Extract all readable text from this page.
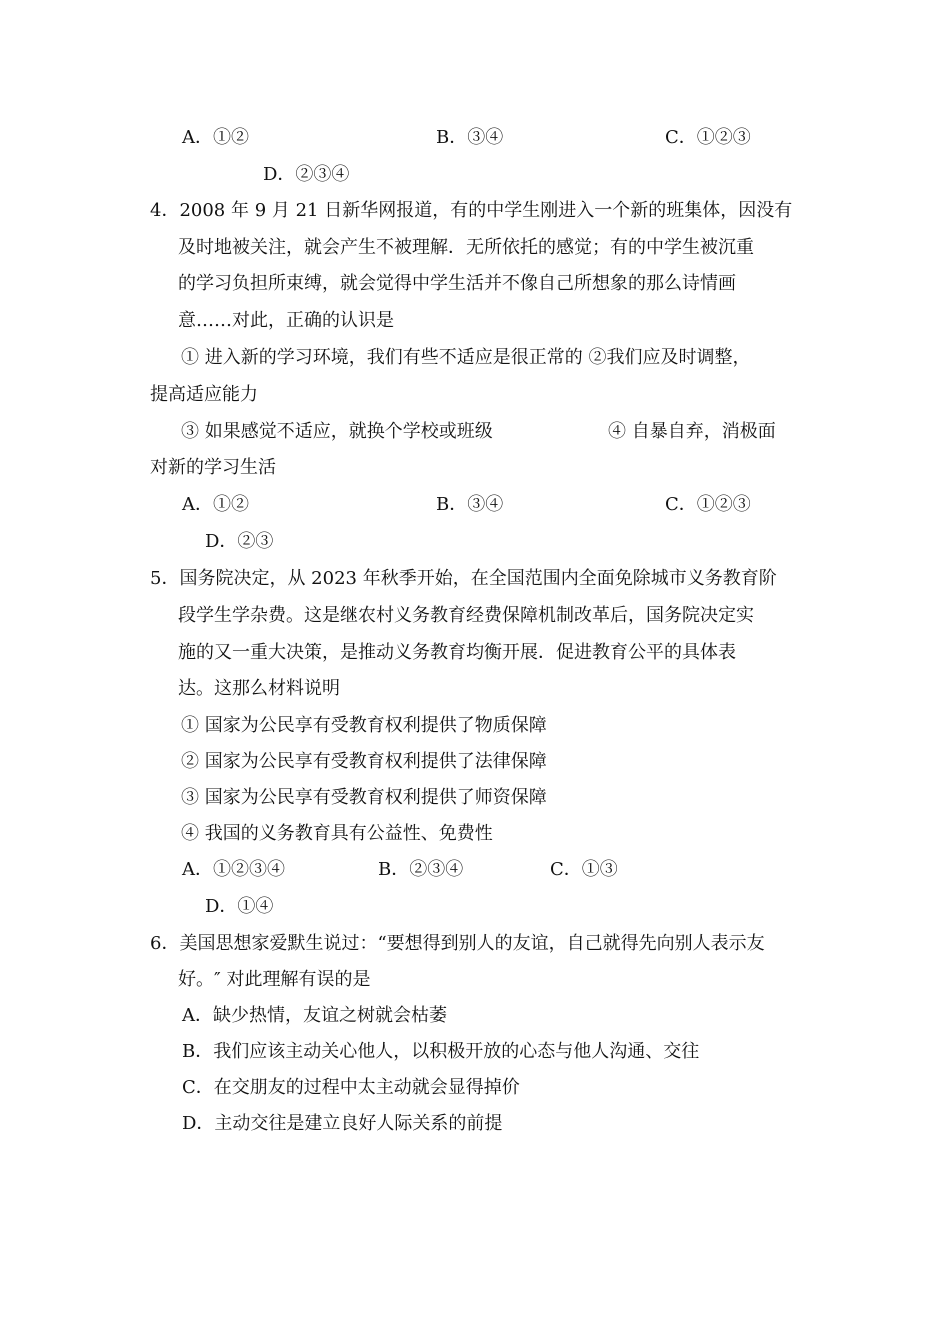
A．①②	B．③④	C．①②③
D．②③④
4．2008 年 9 月 21 日新华网报道，有的中学生刚进入一个新的班集体，因没有
及时地被关注，就会产生不被理解．无所依托的感觉；有的中学生被沉重
的学习负担所束缚，就会觉得中学生活并不像自己所想象的那么诗情画
意……对此，正确的认识是
① 进入新的学习环境，我们有些不适应是很正常的 ②我们应及时调整，
提高适应能力
③ 如果感觉不适应，就换个学校或班级	④ 自暴自弃，消极面
对新的学习生活
A．①②	B．③④	C．①②③
D．②③
5．国务院决定，从 2023 年秋季开始，在全国范围内全面免除城市义务教育阶
段学生学杂费。这是继农村义务教育经费保障机制改革后，国务院决定实
施的又一重大决策，是推动义务教育均衡开展．促进教育公平的具体表
达。这那么材料说明
① 国家为公民享有受教育权利提供了物质保障
② 国家为公民享有受教育权利提供了法律保障
③ 国家为公民享有受教育权利提供了师资保障
④ 我国的义务教育具有公益性、免费性
A．①②③④	B．②③④	C．①③
D．①④
6．美国思想家爱默生说过：“要想得到别人的友谊，自己就得先向别人表示友
好。″ 对此理解有误的是
A．缺少热情，友谊之树就会枯萎
B．我们应该主动关心他人，以积极开放的心态与他人沟通、交往
C．在交朋友的过程中太主动就会显得掉价
D．主动交往是建立良好人际关系的前提
